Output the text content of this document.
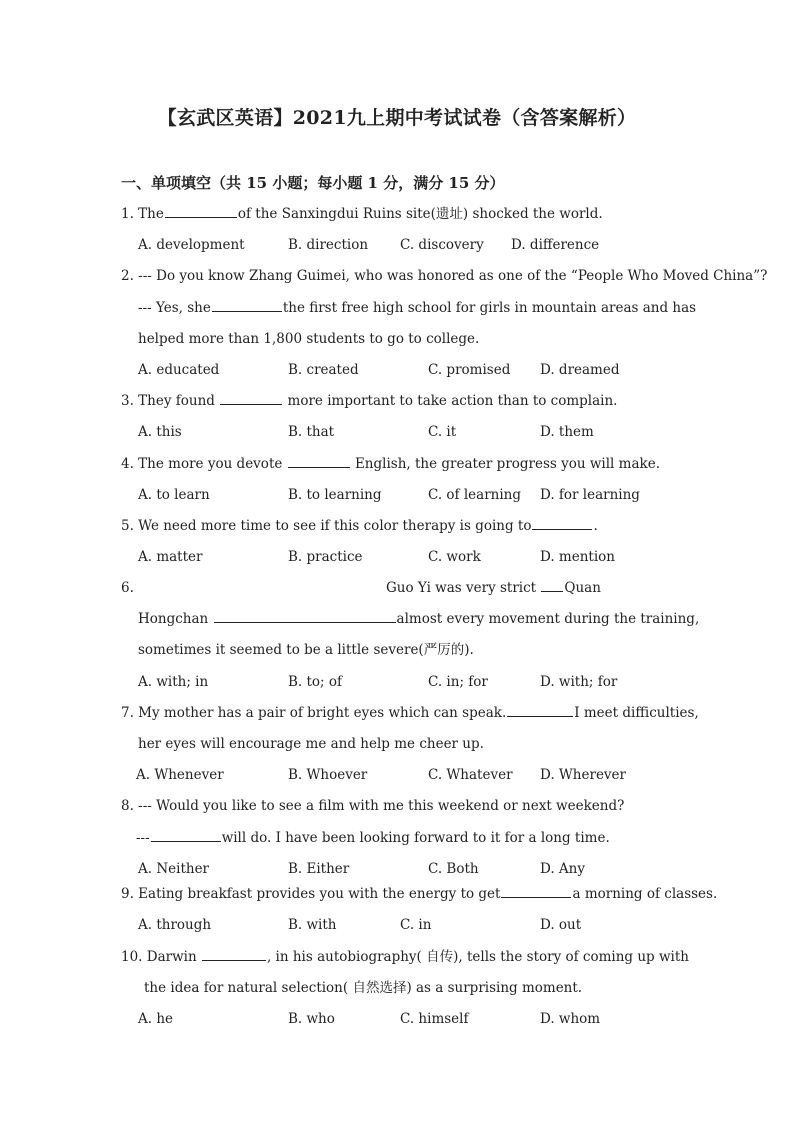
【玄武区英语】2021九上期中考试试卷（含答案解析）
一、单项填空（共 15 小题；每小题 1 分，满分 15 分）
1. The	of the Sanxingdui Ruins site(遗址) shocked the world.
A. development	B. direction C. discovery D. difference
2. --- Do you know Zhang Guimei, who was honored as one of the “People Who Moved China”?
--- Yes, she	the first free high school for girls in mountain areas and has
helped more than 1,800 students to go to college.
A. educated	B. created	C. promised D. dreamed
3. They found	more important to take action than to complain.
A. this	B. that	C. it	D. them
4. The more you devote	English, the greater progress you will make.
A. to learn	B. to learning	C. of learning D. for learning
5. We need more time to see if this color therapy is going to	.
A. matter	B. practice	C. work	D. mention
6.	Guo Yi was very strict Quan
Hongchan	almost every movement during the training,
sometimes it seemed to be a little severe(严厉的).
A. with; in	B. to; of	C. in; for	D. with; for
7. My mother has a pair of bright eyes which can speak.	I meet difficulties,
her eyes will encourage me and help me cheer up.
A. Whenever	B. Whoever	C. Whatever D. Wherever
8. --- Would you like to see a film with me this weekend or next weekend?
---	will do. I have been looking forward to it for a long time.
A. Neither	B. Either	C. Both	D. Any
9. Eating breakfast provides you with the energy to get	a morning of classes.
A. through	B. with	C. in	D. out
10. Darwin	, in his autobiography( 自传), tells the story of coming up with
the idea for natural selection( 自然选择) as a surprising moment.
A. he	B. who	C. himself	D. whom
